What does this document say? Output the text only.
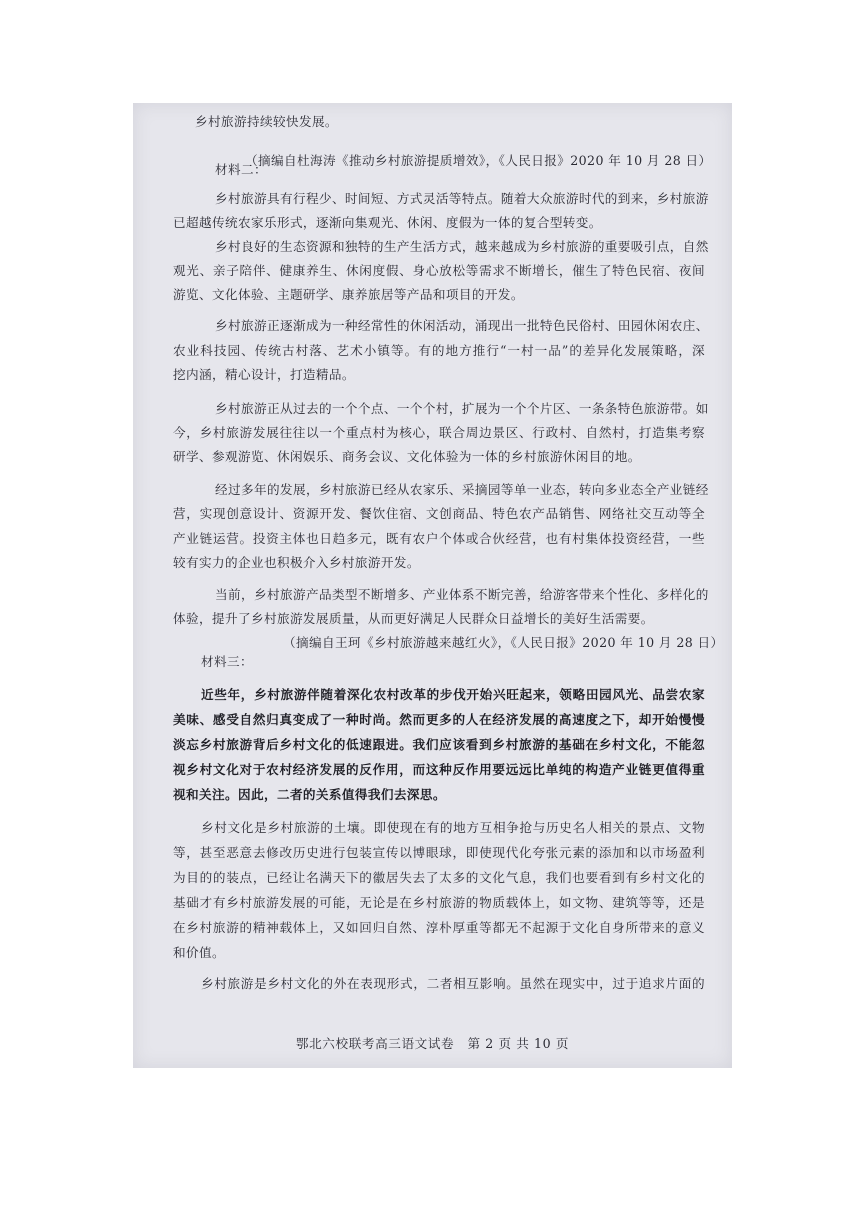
乡村旅游持续较快发展。
（摘编自杜海涛《推动乡村旅游提质增效》，《人民日报》2020 年 10 月 28 日）
材料二：
乡村旅游具有行程少、时间短、方式灵活等特点。随着大众旅游时代的到来，乡村旅游
已超越传统农家乐形式，逐渐向集观光、休闲、度假为一体的复合型转变。
乡村良好的生态资源和独特的生产生活方式，越来越成为乡村旅游的重要吸引点，自然
观光、亲子陪伴、健康养生、休闲度假、身心放松等需求不断增长，催生了特色民宿、夜间
游览、文化体验、主题研学、康养旅居等产品和项目的开发。
乡村旅游正逐渐成为一种经常性的休闲活动，涌现出一批特色民俗村、田园休闲农庄、
农业科技园、传统古村落、艺术小镇等。有的地方推行“一村一品”的差异化发展策略，深
挖内涵，精心设计，打造精品。
乡村旅游正从过去的一个个点、一个个村，扩展为一个个片区、一条条特色旅游带。如
今，乡村旅游发展往往以一个重点村为核心，联合周边景区、行政村、自然村，打造集考察
研学、参观游览、休闲娱乐、商务会议、文化体验为一体的乡村旅游休闲目的地。
经过多年的发展，乡村旅游已经从农家乐、采摘园等单一业态，转向多业态全产业链经
营，实现创意设计、资源开发、餐饮住宿、文创商品、特色农产品销售、网络社交互动等全
产业链运营。投资主体也日趋多元，既有农户个体或合伙经营，也有村集体投资经营，一些
较有实力的企业也积极介入乡村旅游开发。
当前，乡村旅游产品类型不断增多、产业体系不断完善，给游客带来个性化、多样化的
体验，提升了乡村旅游发展质量，从而更好满足人民群众日益增长的美好生活需要。
（摘编自王珂《乡村旅游越来越红火》，《人民日报》2020 年 10 月 28 日）
材料三：
近些年，乡村旅游伴随着深化农村改革的步伐开始兴旺起来，领略田园风光、品尝农家
美味、感受自然归真变成了一种时尚。然而更多的人在经济发展的高速度之下，却开始慢慢
淡忘乡村旅游背后乡村文化的低速跟进。我们应该看到乡村旅游的基础在乡村文化，不能忽
视乡村文化对于农村经济发展的反作用，而这种反作用要远远比单纯的构造产业链更值得重
视和关注。因此，二者的关系值得我们去深思。
乡村文化是乡村旅游的土壤。即使现在有的地方互相争抢与历史名人相关的景点、文物
等，甚至恶意去修改历史进行包装宣传以博眼球，即使现代化夸张元素的添加和以市场盈利
为目的的装点，已经让名满天下的徽居失去了太多的文化气息，我们也要看到有乡村文化的
基础才有乡村旅游发展的可能，无论是在乡村旅游的物质载体上，如文物、建筑等等，还是
在乡村旅游的精神载体上，又如回归自然、淳朴厚重等都无不起源于文化自身所带来的意义
和价值。
乡村旅游是乡村文化的外在表现形式，二者相互影响。虽然在现实中，过于追求片面的
鄂北六校联考高三语文试卷　第 2 页 共 10 页
